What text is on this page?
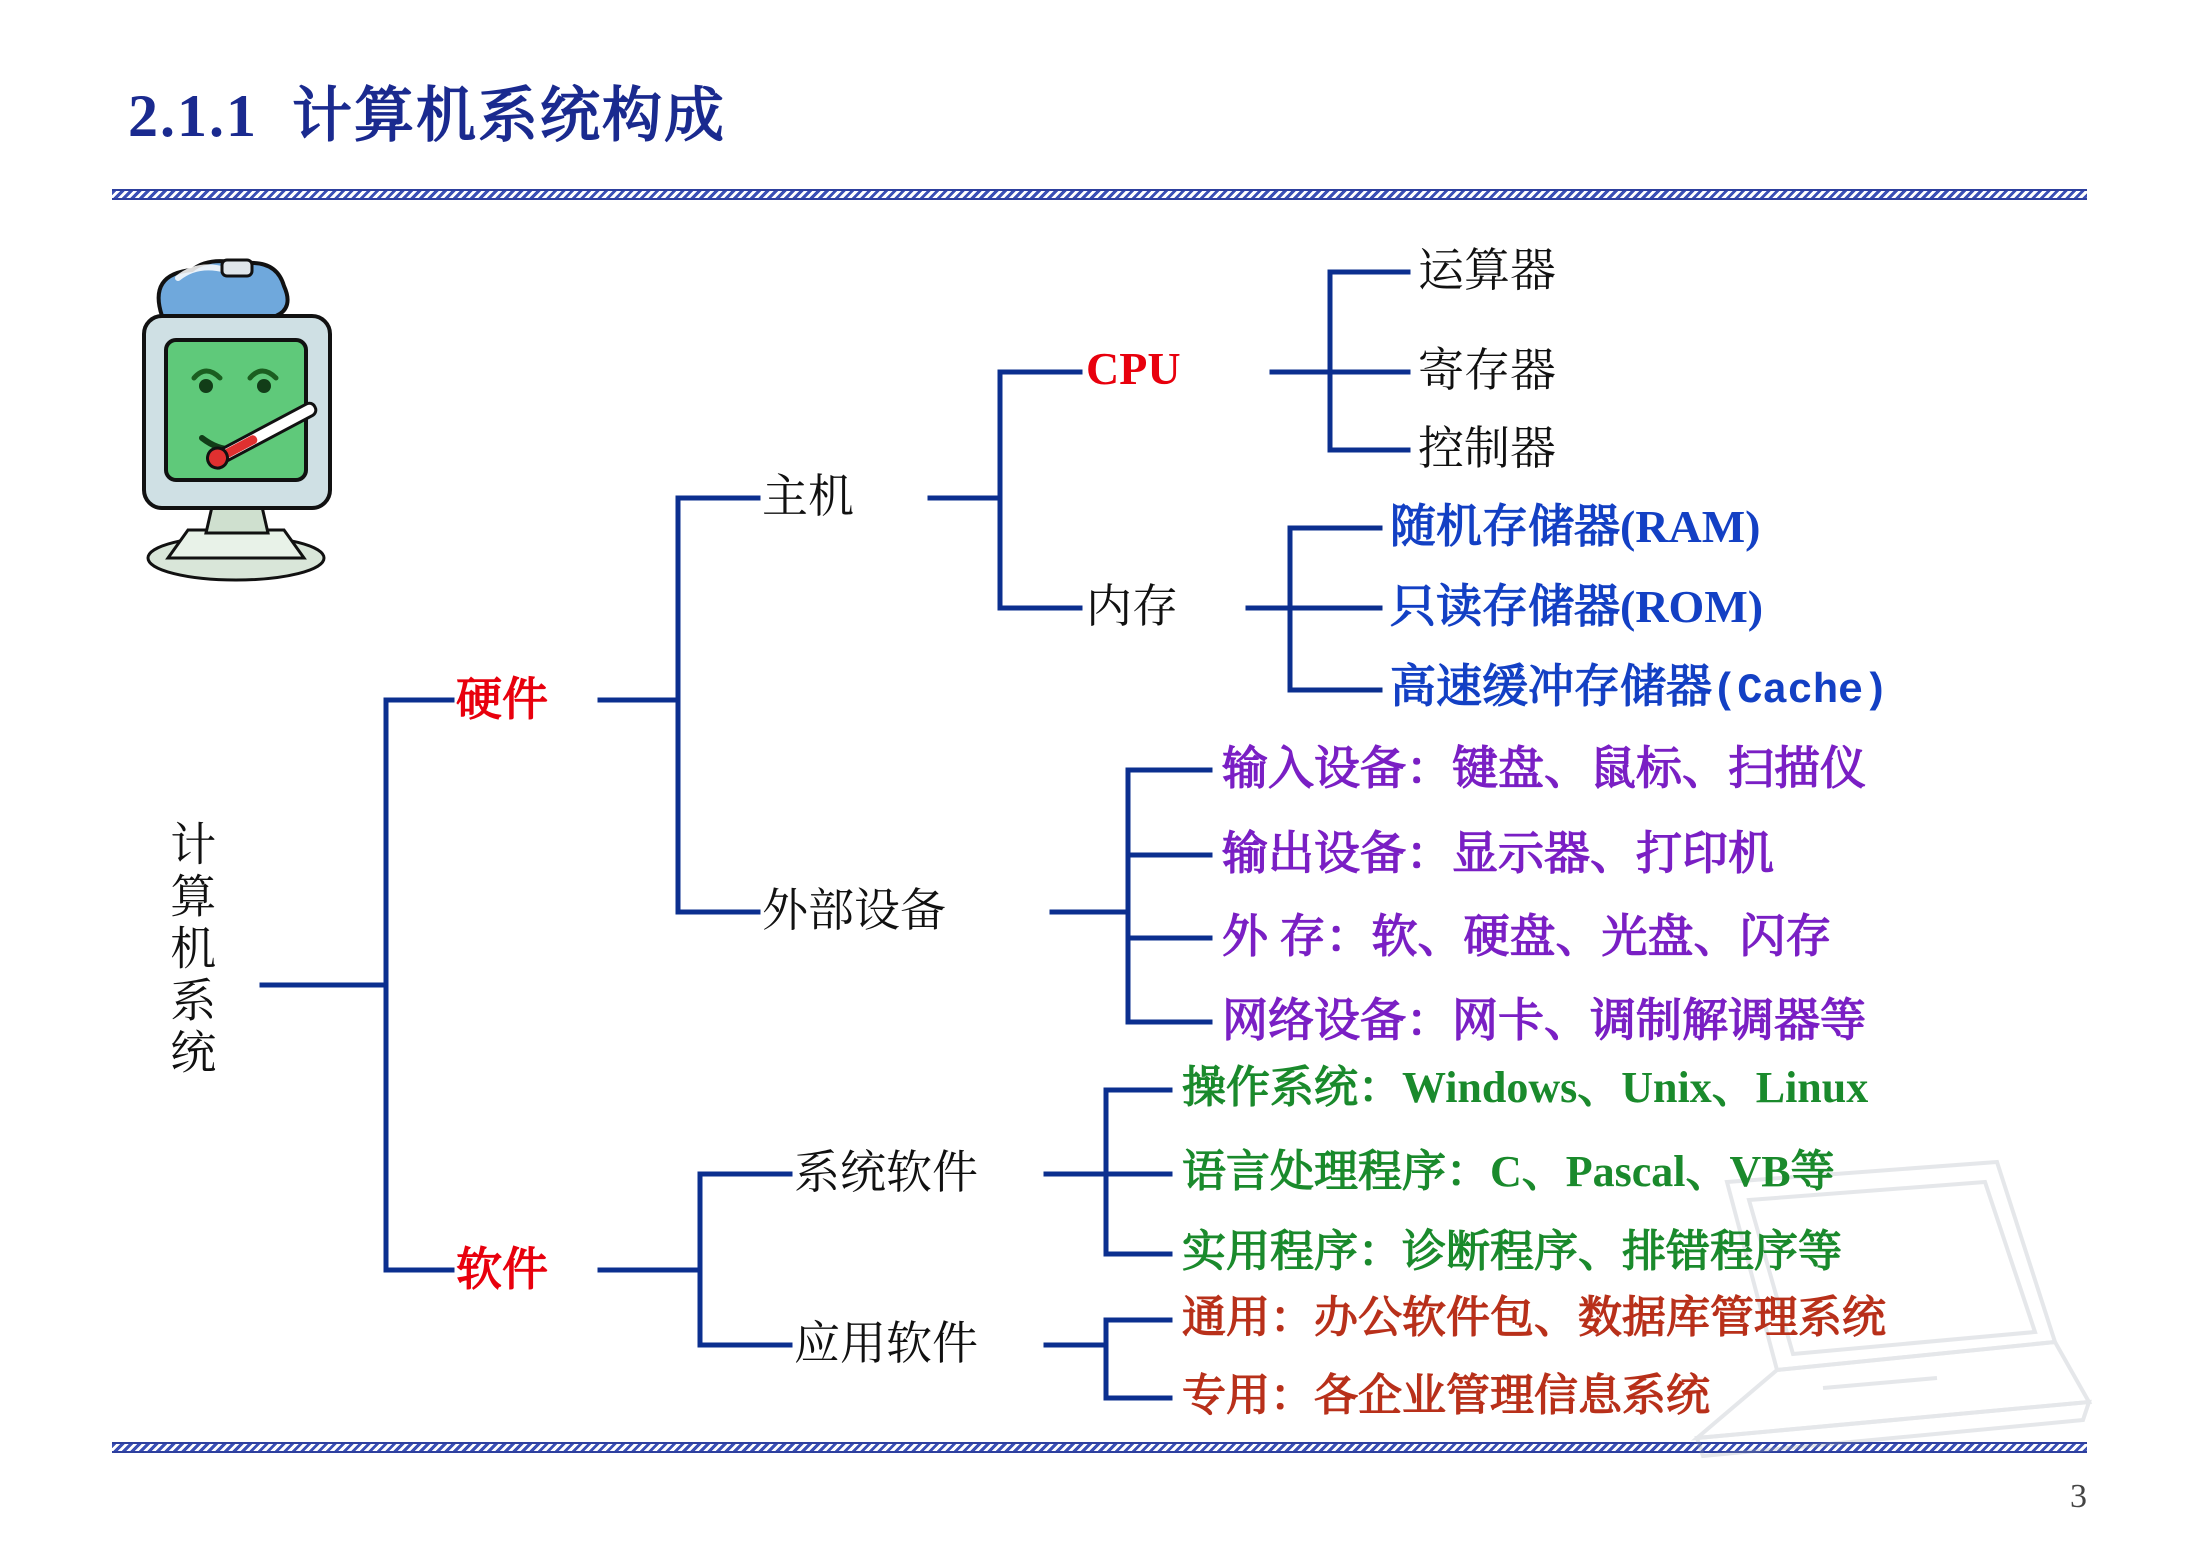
2.1.1 计算机系统构成
3
计算机系统
硬件
软件
主机
外部设备
CPU
内存
运算器
寄存器
控制器
随机存储器(RAM)
只读存储器(ROM)
高速缓冲存储器(Cache)
输入设备：键盘、鼠标、扫描仪
输出设备：显示器、打印机
外 存：软、硬盘、光盘、闪存
网络设备：网卡、调制解调器等
系统软件
应用软件
操作系统：Windows、Unix、Linux
语言处理程序：C、Pascal、VB等
实用程序：诊断程序、排错程序等
通用：办公软件包、数据库管理系统
专用：各企业管理信息系统
